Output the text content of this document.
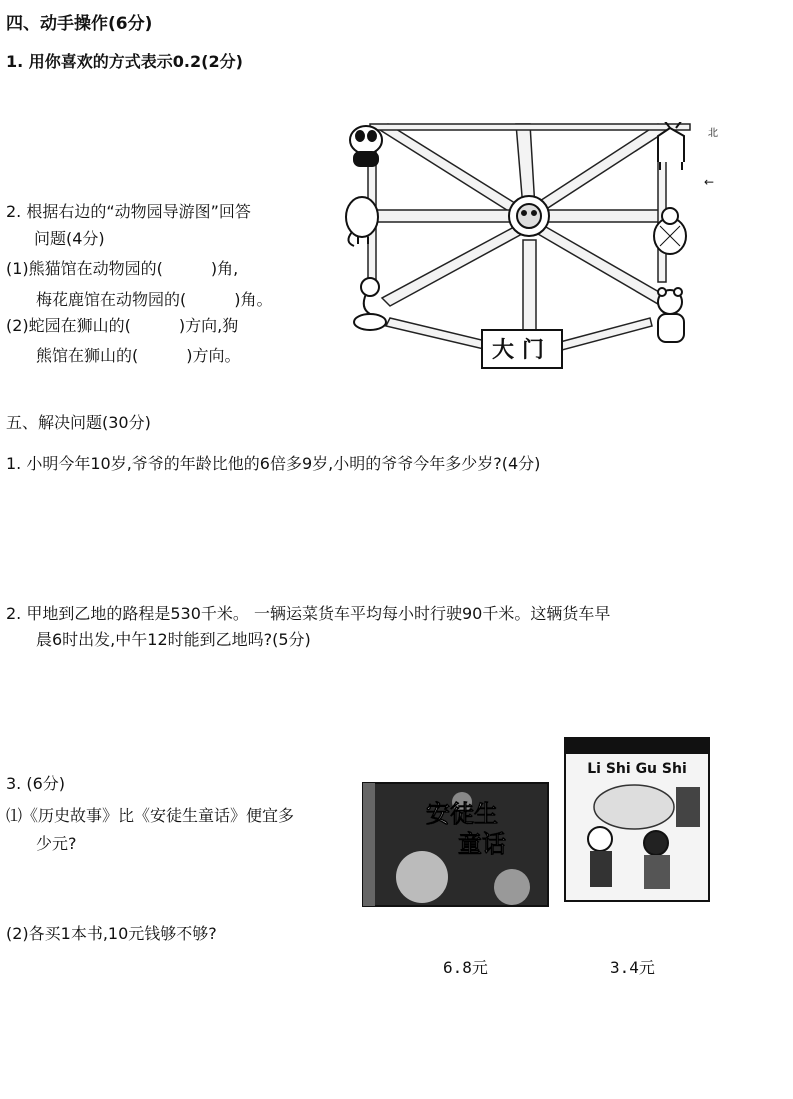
四、动手操作(6分)
1. 用你喜欢的方式表示0.2(2分)
2. 根据右边的“动物园导游图”回答
问题(4分)
(1)熊猫馆在动物园的(　　　)角,
梅花鹿馆在动物园的(　　　)角。
(2)蛇园在狮山的(　　　)方向,狗
熊馆在狮山的(　　　)方向。	大门
北
←
五、解决问题(30分)
1. 小明今年10岁,爷爷的年龄比他的6倍多9岁,小明的爷爷今年多少岁?(4分)
2. 甲地到乙地的路程是530千米。 一辆运菜货车平均每小时行驶90千米。这辆货车早
晨6时出发,中午12时能到乙地吗?(5分)
3. (6分)
⑴《历史故事》比《安徒生童话》便宜多
少元?
(2)各买1本书,10元钱够不够?
安徒生
童话
Li Shi Gu Shi
6.8元	3.4元
